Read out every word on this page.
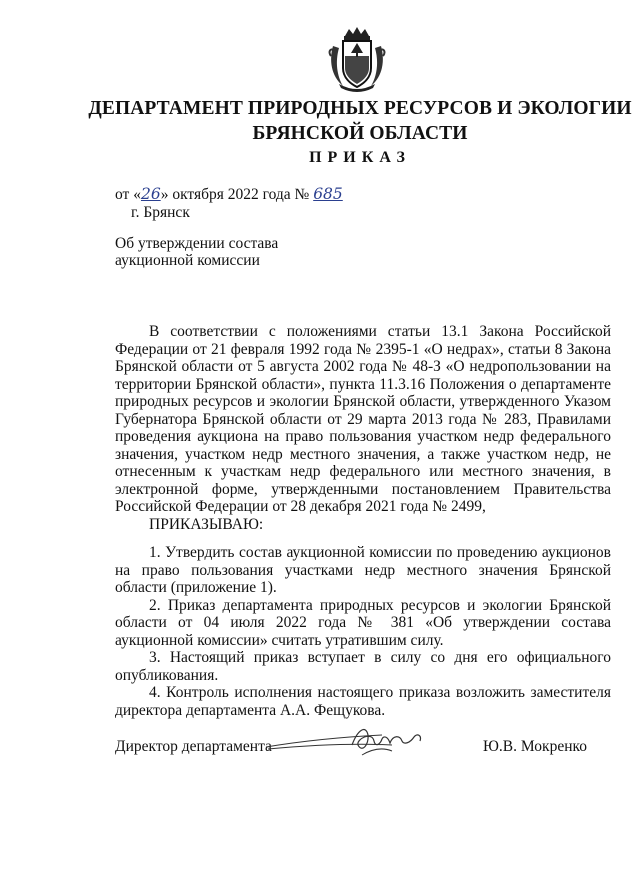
ДЕПАРТАМЕНТ ПРИРОДНЫХ РЕСУРСОВ И ЭКОЛОГИИ
БРЯНСКОЙ ОБЛАСТИ
ПРИКАЗ
от «26» октября 2022 года № 685
г. Брянск
Об утверждении состава
аукционной комиссии

В соответствии с положениями статьи 13.1 Закона Российской Федерации от 21 февраля 1992 года № 2395-1 «О недрах», статьи 8 Закона Брянской области от 5 августа 2002 года № 48-З «О недропользовании на территории Брянской области», пункта 11.3.16 Положения о департаменте природных ресурсов и экологии Брянской области, утвержденного Указом Губернатора Брянской области от 29 марта 2013 года № 283, Правилами проведения аукциона на право пользования участком недр федерального значения, участком недр местного значения, а также участком недр, не отнесенным к участкам недр федерального или местного значения, в электронной форме, утвержденными постановлением Правительства Российской Федерации от 28 декабря 2021 года № 2499,

ПРИКАЗЫВАЮ:

1. Утвердить состав аукционной комиссии по проведению аукционов на право пользования участками недр местного значения Брянской области (приложение 1).

2. Приказ департамента природных ресурсов и экологии Брянской области от 04 июля 2022 года № 381 «Об утверждении состава аукционной комиссии» считать утратившим силу.

3. Настоящий приказ вступает в силу со дня его официального опубликования.

4. Контроль исполнения настоящего приказа возложить заместителя директора департамента А.А. Фещукова.

Директор департамента	Ю.В. Мокренко
